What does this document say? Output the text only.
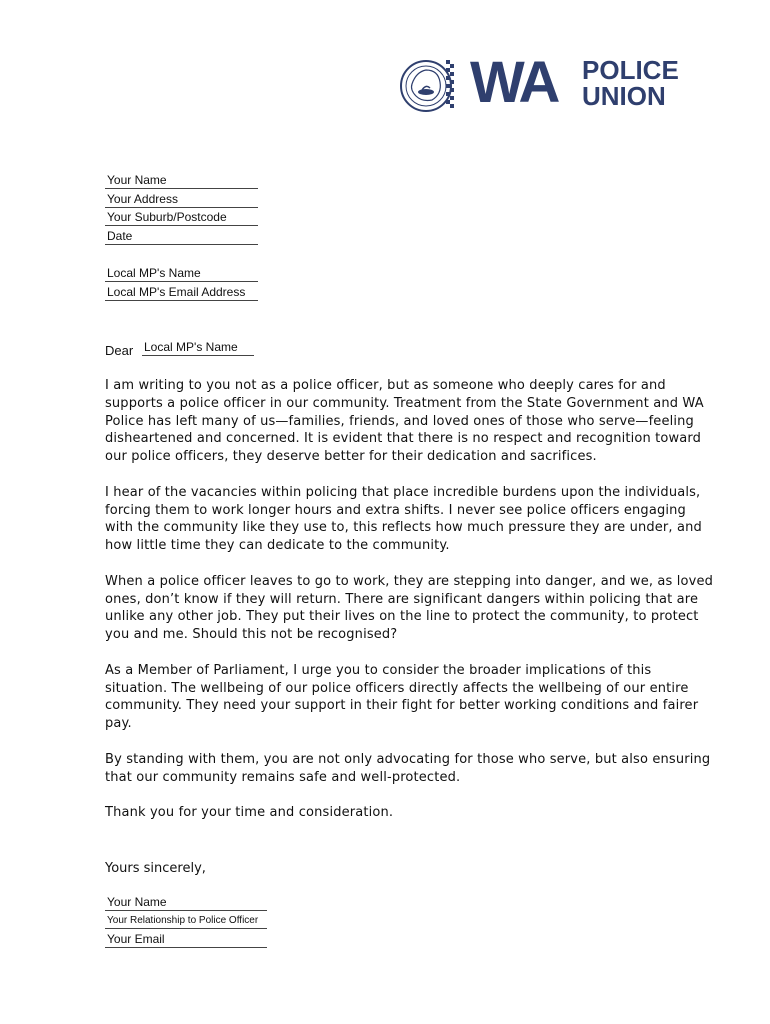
WA POLICE
UNION
Your Name
Your Address
Your Suburb/Postcode
Date
Local MP's Name
Local MP's Email Address
Dear Local MP's Name

I am writing to you not as a police officer, but as someone who deeply cares for and supports a police officer in our community. Treatment from the State Government and WA Police has left many of us—families, friends, and loved ones of those who serve—feeling disheartened and concerned. It is evident that there is no respect and recognition toward our police officers, they deserve better for their dedication and sacrifices.

I hear of the vacancies within policing that place incredible burdens upon the individuals, forcing them to work longer hours and extra shifts. I never see police officers engaging with the community like they use to, this reflects how much pressure they are under, and how little time they can dedicate to the community.

When a police officer leaves to go to work, they are stepping into danger, and we, as loved ones, don’t know if they will return. There are significant dangers within policing that are unlike any other job. They put their lives on the line to protect the community, to protect you and me. Should this not be recognised?

As a Member of Parliament, I urge you to consider the broader implications of this situation. The wellbeing of our police officers directly affects the wellbeing of our entire community. They need your support in their fight for better working conditions and fairer pay.

By standing with them, you are not only advocating for those who serve, but also ensuring that our community remains safe and well-protected.

Thank you for your time and consideration.

Yours sincerely,
Your Name
Your Relationship to Police Officer
Your Email
